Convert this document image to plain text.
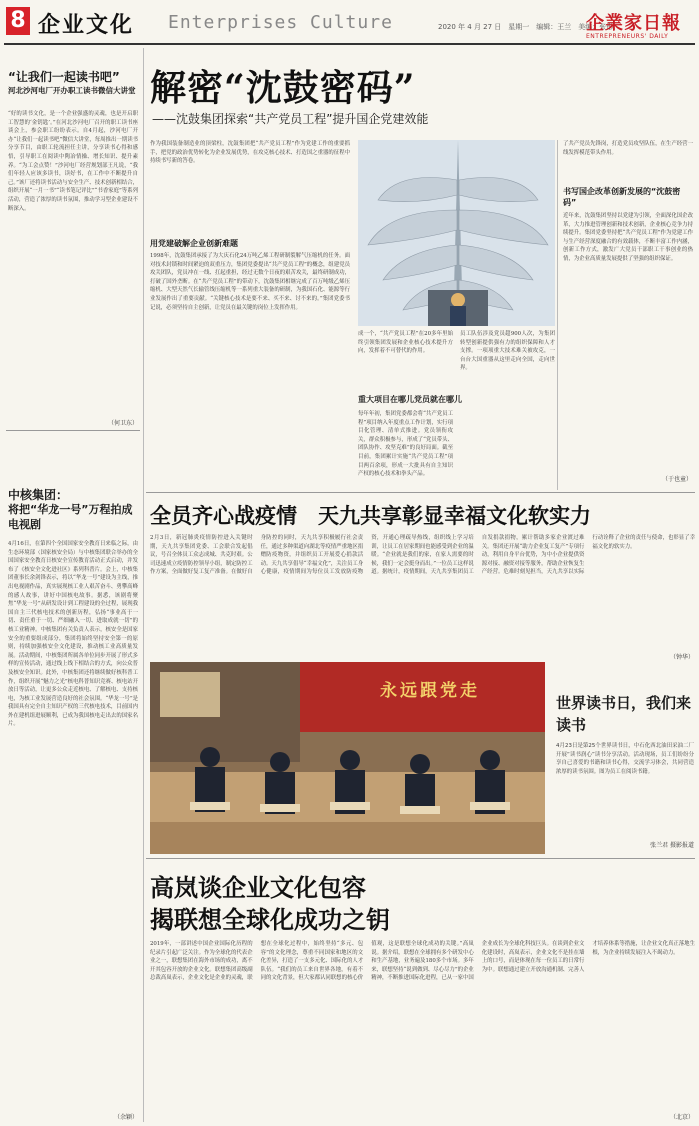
8 企业文化 Enterprises Culture	2020 年 4 月 27 日　星期一　编辑：王兰　美编：张彤
企業家日報
ENTREPRENEURS' DAILY
“让我们一起读书吧”
河北沙河电厂开办职工读书微信大讲堂
“好的读书文化，是一个企业强盛的灵魂，也是开启职工智慧的‘金钥匙’。”在河北沙河电厂召开的职工读书座谈会上，参会职工纷纷表示。自4月起，沙河电厂开办“让我们一起读书吧”微信大讲堂，每周推出一期读书分享节目，由职工轮流担任主讲，分享读书心得和感悟，引导职工在阅读中陶冶情操、增长知识、提升素养。“为工会点赞！”沙河电厂经营规划部王凡说，“我们年轻人应该多读书，读好书，在工作中不断提升自己。”该厂还将读书活动与安全生产、技术创新相结合，组织开展“一月一书”“读书笔记评比”“书香家庭”等系列活动，营造了浓厚的读书氛围，推动学习型企业建设不断深入。
（何卫东）
中核集团：
将把“华龙一号”万程拍成电视剧
4月16日，在第四个全国国家安全教育日来临之际，由生态环境部（国家核安全局）与中核集团联合举办的全国国家安全教育日核安全宣传教育活动正式启动，并发布了《核安全文化进社区》系列科普片。会上，中核集团董事长余剑锋表示，将以“华龙一号”建设为主线，推出电视剧作品，真实展现核工业人艰苦奋斗、勇攀高峰的感人故事，讲好中国核电故事。据悉，该剧将聚焦“华龙一号”从研发设计到工程建设的全过程，展现我国自主三代核电技术的创新历程，弘扬“事业高于一切、责任重于一切、严细融入一切、进取成就一切”的核工业精神。中核集团有关负责人表示，核安全是国家安全的重要组成部分，集团将始终坚持安全第一的原则，持续加强核安全文化建设，推动核工业高质量发展。活动期间，中核集团所属各单位同步开展了形式多样的宣传活动，通过线上线下相结合的方式，向公众普及核安全知识。此外，中核集团还将继续做好核科普工作，组织开展“魅力之光”核电科普知识竞赛、核电站开放日等活动，让更多公众走近核电、了解核电、支持核电，为核工业发展营造良好的社会氛围。“华龙一号”是我国具有完全自主知识产权的三代核电技术，目前国内外在建机组进展顺利，已成为我国核电走出去的国家名片。
（余颖）
解密“沈鼓密码”
——沈鼓集团探索“共产党员工程”提升国企党建效能
作为我国装备制造业的顶梁柱，沈鼓集团把“共产党员工程”作为党建工作的重要抓手，把党的政治优势转化为企业发展优势，在攻克核心技术、打造国之重器的征程中持续书写新的答卷。
用党建破解企业创新难题
1998年，沈鼓集团承接了为大庆石化24万吨乙烯工程研制裂解气压缩机的任务。面对技术封锁和时间紧迫的双重压力，集团党委提出“共产党员工程”的概念，组建党员攻关团队，党员冲在一线、扛起重担，经过无数个日夜的艰苦攻关，最终研制成功，打破了国外垄断。在“共产党员工程”的带动下，沈鼓集团相继完成了百万吨级乙烯压缩机、大型天然气长输管线压缩机等一系列重大装备的研制，为我国石化、能源等行业发展作出了重要贡献。“关键核心技术是要不来、买不来、讨不来的。”集团党委书记说，必须坚持自主创新，让党员在最关键的岗位上发挥作用。
成一个，“共产党员工程”在20多年里始终引领集团发展和企业核心技术提升方向，发挥着不可替代的作用。
重大项目在哪儿党员就在哪儿
每年年初，集团党委都会将“共产党员工程”项目纳入年度重点工作计划，实行项目化管理、清单式推进。党员领衔攻关，群众积极参与，形成了“党员带头、团队协作、攻坚克难”的良好局面。截至目前，集团累计实施“共产党员工程”项目两百余项，形成一大批具有自主知识产权的核心技术和拳头产品。
员工队伍涉及党员超900人次，为集团转型创新提供强有力的组织保障和人才支撑。一项项重大技术难关被攻克，一台台大国重器从这里走向全国，走向世界。
了共产党员先锋岗，打造党员攻坚队伍，在生产经营一线发挥模范带头作用。
书写国企改革创新发展的“沈鼓密码”
近年来，沈鼓集团坚持以党建为引领，全面深化国企改革，大力推进管理创新和技术创新，企业核心竞争力持续提升。集团党委坚持把“共产党员工程”作为党建工作与生产经营深度融合的有效载体，不断丰富工作内涵，创新工作方式，激发广大党员干部职工干事创业的热情，为企业高质量发展提供了坚强的组织保证。
（于也童）
全员齐心战疫情　天九共享彰显幸福文化软实力
2月3日，新冠肺炎疫情防控进入关键时期，天九共享集团党委、工会联合发起倡议，号召全体员工众志成城、共克时艰。公司迅速成立疫情防控领导小组，制定防控工作方案，全面做好复工复产准备。在做好自身防控的同时，天九共享积极履行社会责任，通过多种渠道向湖北等疫情严重地区捐赠防疫物资，并组织员工开展爱心捐款活动。天九共享倡导“幸福文化”，关注员工身心健康，疫情期间为每位员工发放防疫物资，开通心理疏导热线，组织线上学习培训，让员工在居家期间也能感受到企业的温暖。“企业就是我们的家，在家人需要的时候，我们一定会挺身而出。”一位员工这样说道。据统计，疫情期间，天九共享集团员工自发捐款捐物，累计帮助多家企业渡过难关。集团还开展“助力企业复工复产”专项行动，利用自身平台优势，为中小企业提供资源对接、融资对接等服务，帮助企业恢复生产经营。危难时刻见担当，天九共享以实际行动诠释了企业的责任与使命，也彰显了幸福文化的软实力。
（钟华）
永远跟党走
世界读书日，我们来读书
4月23日是第25个世界读书日，中石化西北油田采油二厂开展“读书润心”读书分享活动。活动现场，员工们纷纷分享自己喜爱的书籍和读书心得，交流学习体会，共同营造浓厚的读书氛围。图为员工在阅读书籍。
张兰君 摄影报道
高岚谈企业文化包容
揭联想全球化成功之钥
2019年，一部讲述中国企业国际化历程的纪录片引起广泛关注。作为全球化的代表企业之一，联想集团在海外市场的成功，离不开其包容开放的企业文化。联想集团高级副总裁高岚表示，企业文化是企业的灵魂，联想在全球化过程中，始终坚持“多元、包容”的文化理念，尊重不同国家和地区的文化差异，打造了一支多元化、国际化的人才队伍。“我们的员工来自世界各地，有着不同的文化背景，但大家都认同联想的核心价值观，这是联想全球化成功的关键。”高岚说。据介绍，联想在全球拥有多个研发中心和生产基地，业务遍及180多个市场。多年来，联想坚持“说到做到、尽心尽力”的企业精神，不断推进国际化进程，已从一家中国企业成长为全球化科技巨头。在谈到企业文化建设时，高岚表示，企业文化不是挂在墙上的口号，而是体现在每一位员工的日常行为中。联想通过建立开放沟通机制、完善人才培养体系等措施，让企业文化真正落地生根，为企业持续发展注入不竭动力。
（北京）
